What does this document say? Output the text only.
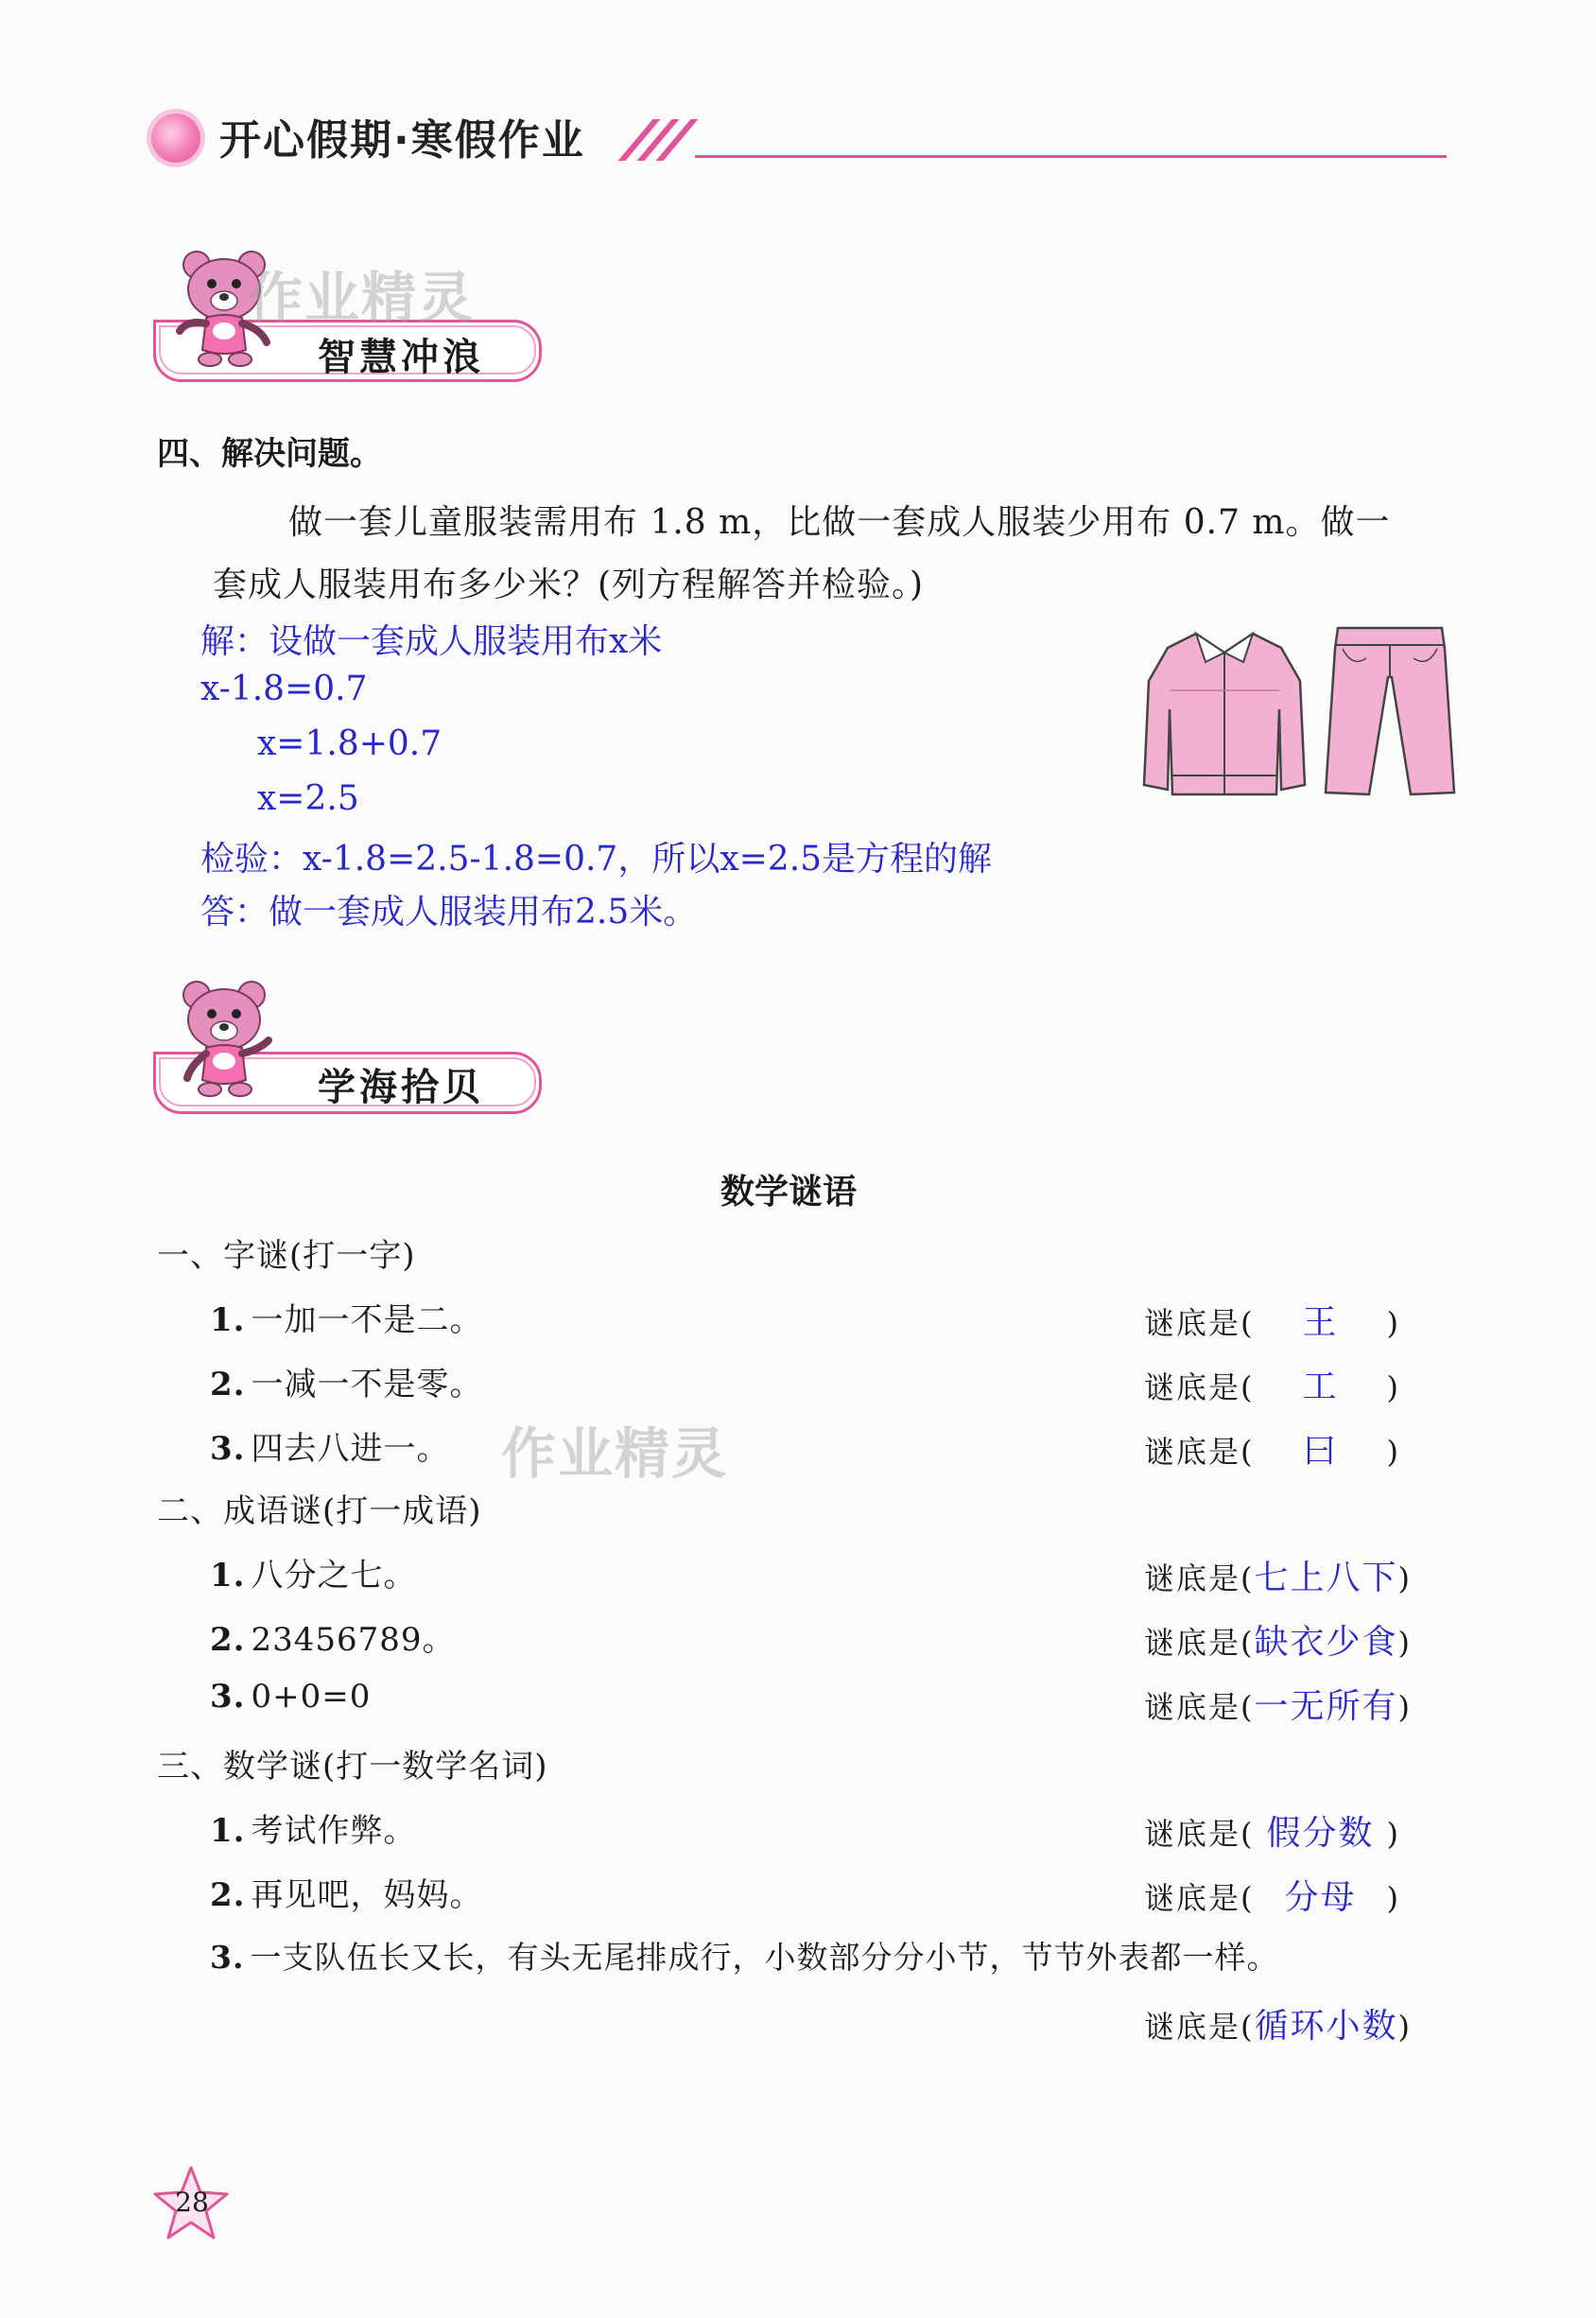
开心假期·寒假作业
智慧冲浪
作业精灵
四、解决问题。
做一套儿童服装需用布 1.8 m，比做一套成人服装少用布 0.7 m。做一
套成人服装用布多少米？(列方程解答并检验。)
解：设做一套成人服装用布x米
x-1.8=0.7
x=1.8+0.7
x=2.5
检验：x-1.8=2.5-1.8=0.7，所以x=2.5是方程的解
答：做一套成人服装用布2.5米。
学海拾贝
数学谜语
作业精灵
一、字谜(打一字)
1. 一加一不是二。	谜底是( 王 )
2. 一减一不是零。	谜底是( 工 )
3. 四去八进一。	谜底是( 曰 )
二、成语谜(打一成语)
1. 八分之七。	谜底是(七上八下)
2. 23456789。	谜底是(缺衣少食)
3. 0+0=0	谜底是(一无所有)
三、数学谜(打一数学名词)
1. 考试作弊。	谜底是( 假分数 )
2. 再见吧，妈妈。	谜底是( 分母 )
3. 一支队伍长又长，有头无尾排成行，小数部分分小节，节节外表都一样。
谜底是(循环小数)
28
